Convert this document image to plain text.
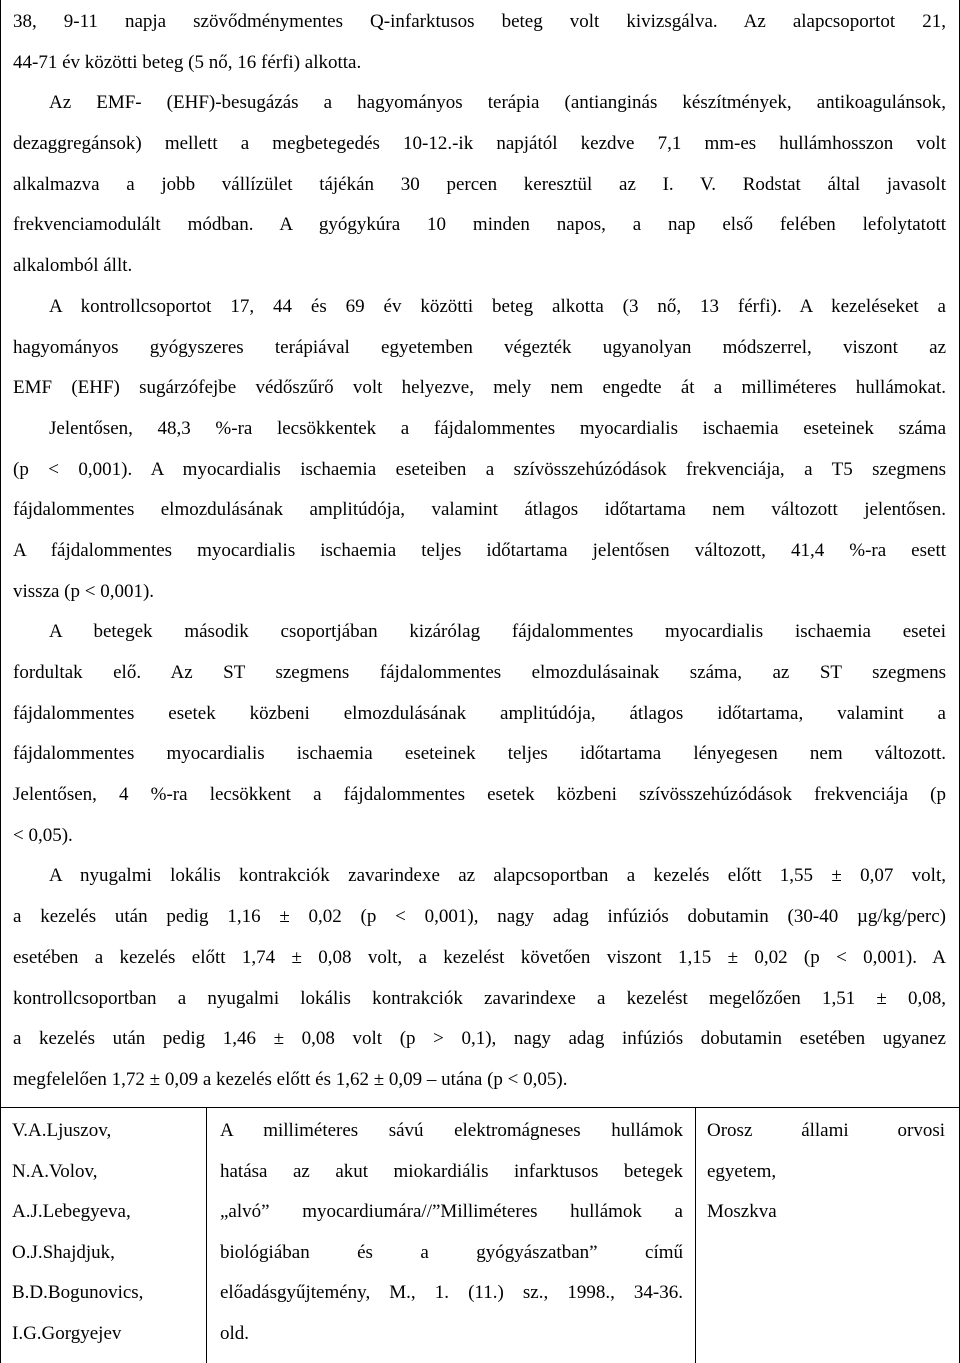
38, 9-11 napja szövődménymentes Q-infarktusos beteg volt kivizsgálva. Az alapcsoportot 21,
44-71 év közötti beteg (5 nő, 16 férfi) alkotta.
Az EMF- (EHF)-besugázás a hagyományos terápia (antianginás készítmények, antikoagulánsok,
dezaggregánsok) mellett a megbetegedés 10-12.-ik napjától kezdve 7,1 mm-es hullámhosszon volt
alkalmazva a jobb vállízület tájékán 30 percen keresztül az I. V. Rodstat által javasolt
frekvenciamodulált módban. A gyógykúra 10 minden napos, a nap első felében lefolytatott
alkalomból állt.
A kontrollcsoportot 17, 44 és 69 év közötti beteg alkotta (3 nő, 13 férfi). A kezeléseket a
hagyományos gyógyszeres terápiával egyetemben végezték ugyanolyan módszerrel, viszont az
EMF (EHF) sugárzófejbe védőszűrő volt helyezve, mely nem engedte át a milliméteres hullámokat.
Jelentősen, 48,3 %-ra lecsökkentek a fájdalommentes myocardialis ischaemia eseteinek száma
(p < 0,001). A myocardialis ischaemia eseteiben a szívösszehúzódások frekvenciája, a T5 szegmens
fájdalommentes elmozdulásának amplitúdója, valamint átlagos időtartama nem változott jelentősen.
A fájdalommentes myocardialis ischaemia teljes időtartama jelentősen változott, 41,4 %-ra esett
vissza (p < 0,001).
A betegek második csoportjában kizárólag fájdalommentes myocardialis ischaemia esetei
fordultak elő. Az ST szegmens fájdalommentes elmozdulásainak száma, az ST szegmens
fájdalommentes esetek közbeni elmozdulásának amplitúdója, átlagos időtartama, valamint a
fájdalommentes myocardialis ischaemia eseteinek teljes időtartama lényegesen nem változott.
Jelentősen, 4 %-ra lecsökkent a fájdalommentes esetek közbeni szívösszehúzódások frekvenciája (p
< 0,05).
A nyugalmi lokális kontrakciók zavarindexe az alapcsoportban a kezelés előtt 1,55 ± 0,07 volt,
a kezelés után pedig 1,16 ± 0,02 (p < 0,001), nagy adag infúziós dobutamin (30-40 µg/kg/perc)
esetében a kezelés előtt 1,74 ± 0,08 volt, a kezelést követően viszont 1,15 ± 0,02 (p < 0,001). A
kontrollcsoportban a nyugalmi lokális kontrakciók zavarindexe a kezelést megelőzően 1,51 ± 0,08,
a kezelés után pedig 1,46 ± 0,08 volt (p > 0,1), nagy adag infúziós dobutamin esetében ugyanez
megfelelően 1,72 ± 0,09 a kezelés előtt és 1,62 ± 0,09 – utána (p < 0,05).
V.A.Ljuszov,
N.A.Volov,
A.J.Lebegyeva,
O.J.Shajdjuk,
B.D.Bogunovics,
I.G.Gorgyejev
A milliméteres sávú elektromágneses hullámok
hatása az akut miokardiális infarktusos betegek
„alvó” myocardiumára//”Milliméteres hullámok a
biológiában és a gyógyászatban” című
előadásgyűjtemény, M., 1. (11.) sz., 1998., 34-36.
old.
Orosz állami orvosi
egyetem,
Moszkva
